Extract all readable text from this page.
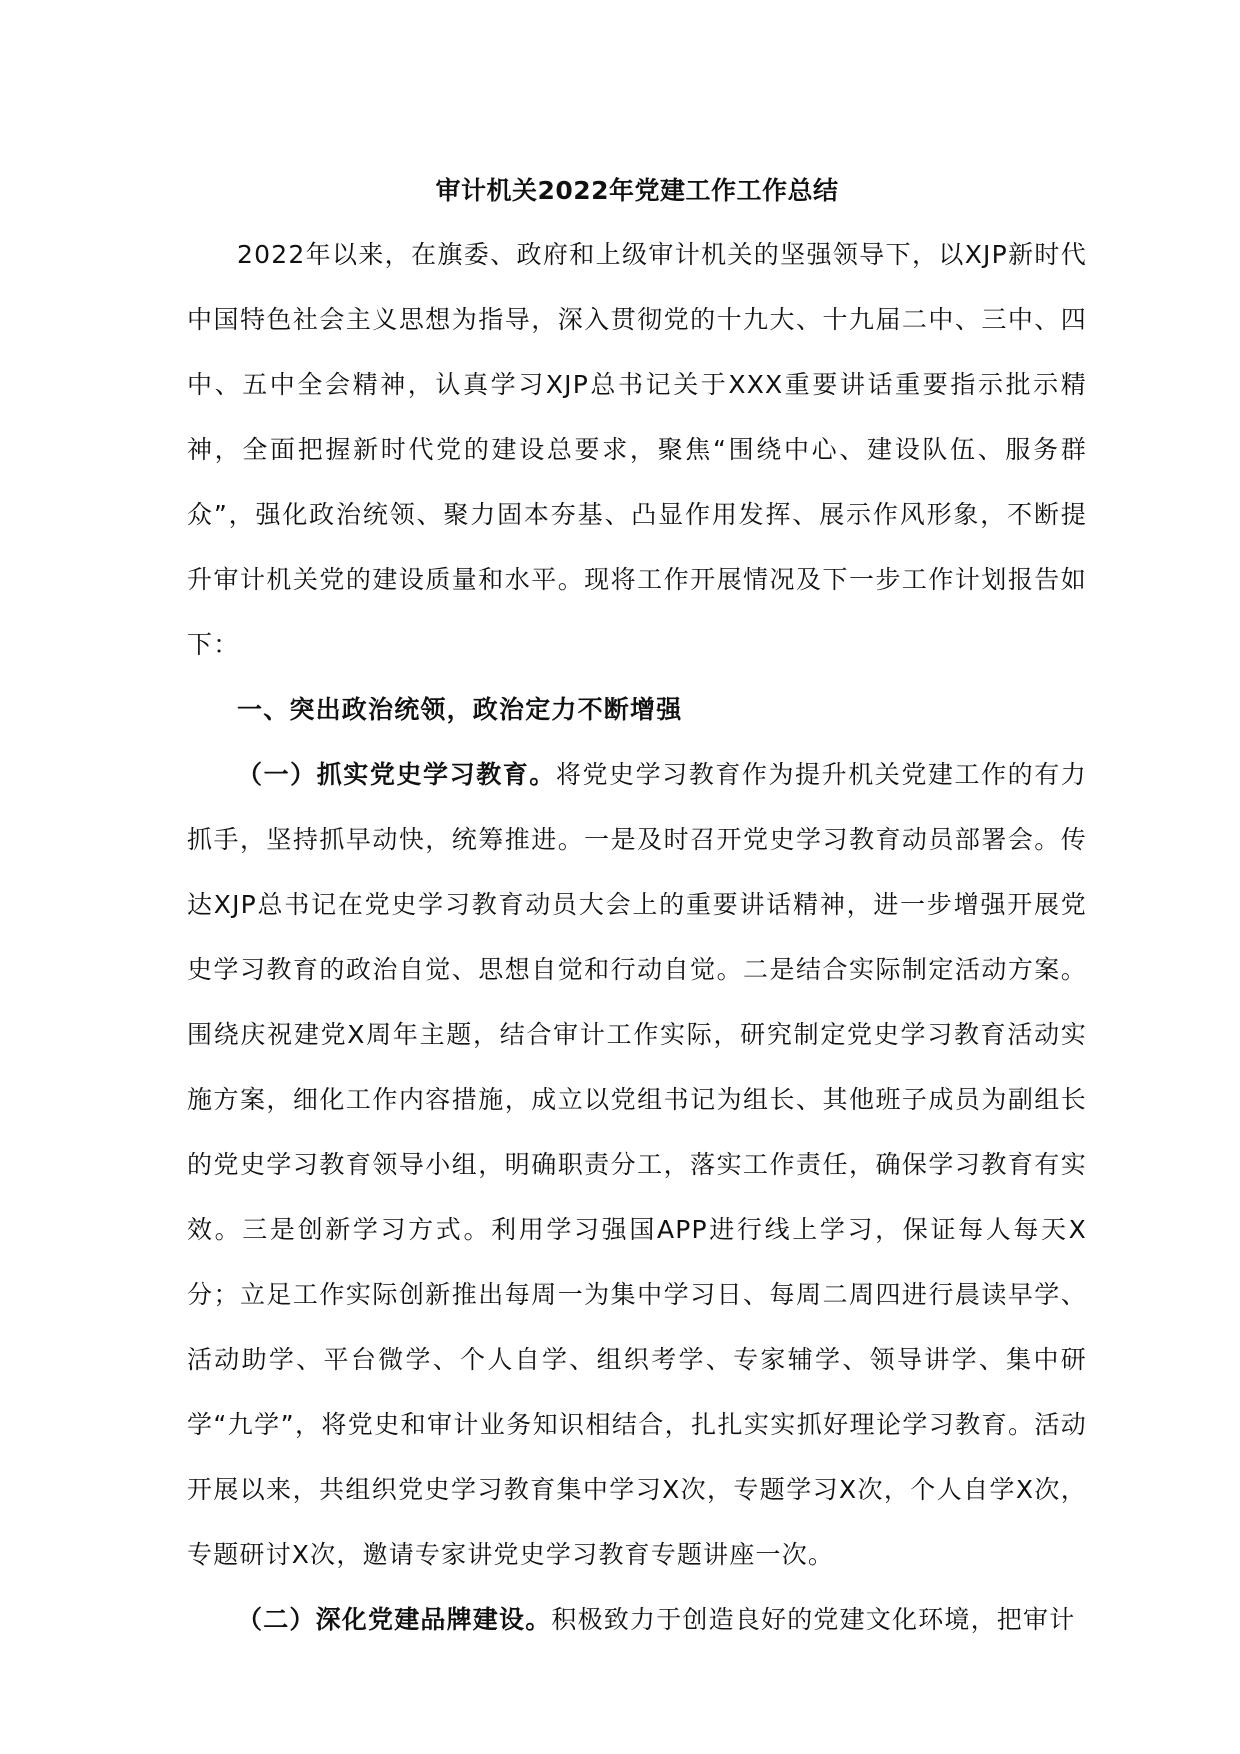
审计机关2022年党建工作工作总结

2022年以来，在旗委、政府和上级审计机关的坚强领导下，以XJP新时代中国特色社会主义思想为指导，深入贯彻党的十九大、十九届二中、三中、四中、五中全会精神，认真学习XJP总书记关于XXX重要讲话重要指示批示精神，全面把握新时代党的建设总要求，聚焦“围绕中心、建设队伍、服务群众”，强化政治统领、聚力固本夯基、凸显作用发挥、展示作风形象，不断提升审计机关党的建设质量和水平。现将工作开展情况及下一步工作计划报告如下：

一、突出政治统领，政治定力不断增强

（一）抓实党史学习教育。将党史学习教育作为提升机关党建工作的有力抓手，坚持抓早动快，统筹推进。一是及时召开党史学习教育动员部署会。传达XJP总书记在党史学习教育动员大会上的重要讲话精神，进一步增强开展党史学习教育的政治自觉、思想自觉和行动自觉。二是结合实际制定活动方案。围绕庆祝建党X周年主题，结合审计工作实际，研究制定党史学习教育活动实施方案，细化工作内容措施，成立以党组书记为组长、其他班子成员为副组长的党史学习教育领导小组，明确职责分工，落实工作责任，确保学习教育有实效。三是创新学习方式。利用学习强国APP进行线上学习，保证每人每天X分；立足工作实际创新推出每周一为集中学习日、每周二周四进行晨读早学、活动助学、平台微学、个人自学、组织考学、专家辅学、领导讲学、集中研学“九学”，将党史和审计业务知识相结合，扎扎实实抓好理论学习教育。活动开展以来，共组织党史学习教育集中学习X次，专题学习X次，个人自学X次，专题研讨X次，邀请专家讲党史学习教育专题讲座一次。

（二）深化党建品牌建设。积极致力于创造良好的党建文化环境，把审计
